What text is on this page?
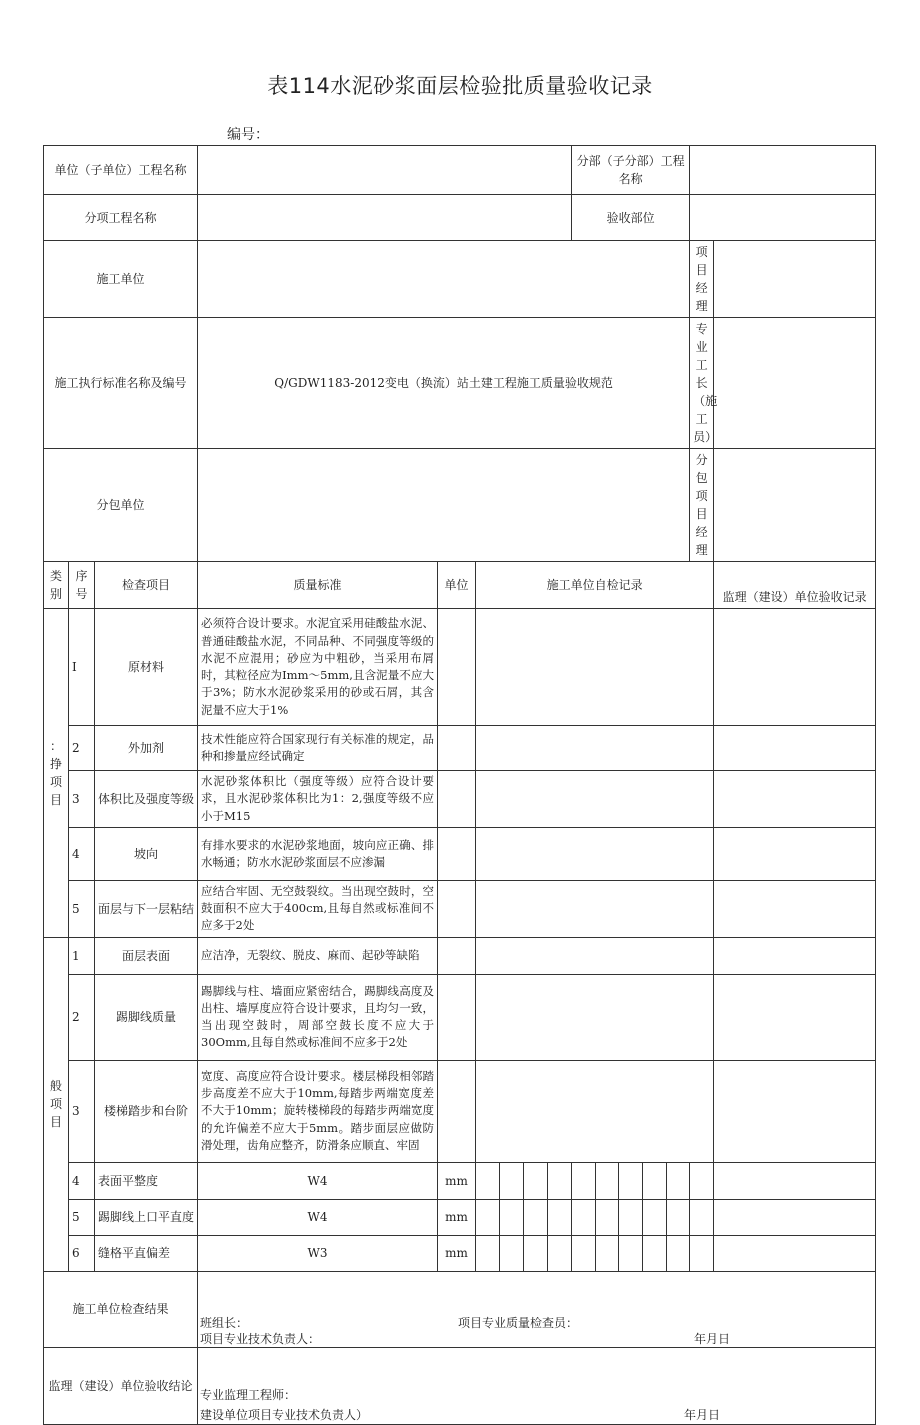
表114水泥砂浆面层检验批质量验收记录
编号：
单位（子单位）工程名称									分部（子分部）工程名称						
分项工程名称									验收部位						
施工单位														项目经理	
施工执行标准名称及编号			Q/GDW1183-2012变电（换流）站土建工程施工质量验收规范											专业工长（施工员）	
分包单位														分包项目经理	
类别	序号	检查项目	质量标准	单位	施工单位自检记录										监理（建设）单位验收记录
：挣项目	I	原材料	必须符合设计要求。水泥宜采用硅酸盐水泥、普通硅酸盐水泥，不同品种、不同强度等级的水泥不应混用；砂应为中粗砂，当采用布屑时，其粒径应为Imm～5mm,且含泥量不应大于3%；防水水泥砂浆采用的砂或石屑，其含泥量不应大于1%												
	2	外加剂	技术性能应符合国家现行有关标准的规定，品种和掺量应经试确定												
	3	体积比及强度等级	水泥砂浆体积比（强度等级）应符合设计要求，且水泥砂浆体积比为1：2,强度等级不应小于M15												
	4	坡向	有排水要求的水泥砂浆地面，坡向应正确、排水畅通；防水水泥砂浆面层不应渗漏												
	5	面层与下一层粘结	应结合牢固、无空鼓裂纹。当出现空鼓时，空鼓面积不应大于400cm,且每自然或标准间不应多于2处												
般项目	1	面层表面	应洁净，无裂纹、脱皮、麻而、起砂等缺陷												
	2	踢脚线质量	踢脚线与柱、墙面应紧密结合，踢脚线高度及出柱、墙厚度应符合设计要求，且均匀一致，当出现空鼓时，周部空鼓长度不应大于30Omm,且每自然或标准间不应多于2处												
	3	楼梯踏步和台阶	宽度、高度应符合设计要求。楼层梯段相邻踏步高度差不应大于10mm,每踏步两端宽度差不大于10mm；旋转楼梯段的每踏步两端宽度的允许偏差不应大于5mm。踏步面层应做防滑处理，齿角应整齐，防滑条应顺直、牢固												
	4	表面平整度	W4	mm											
	5	踢脚线上口平直度	W4	mm											
	6	缝格平直偏差	W3	mm											
施工单位检查结果			班组长： 项目专业质量检查员：
项目专业技术负责人： 年月日												

监理（建设）单位验收结论			专业监理工程师：
建设单位项目专业技术负责人） 年月日												
